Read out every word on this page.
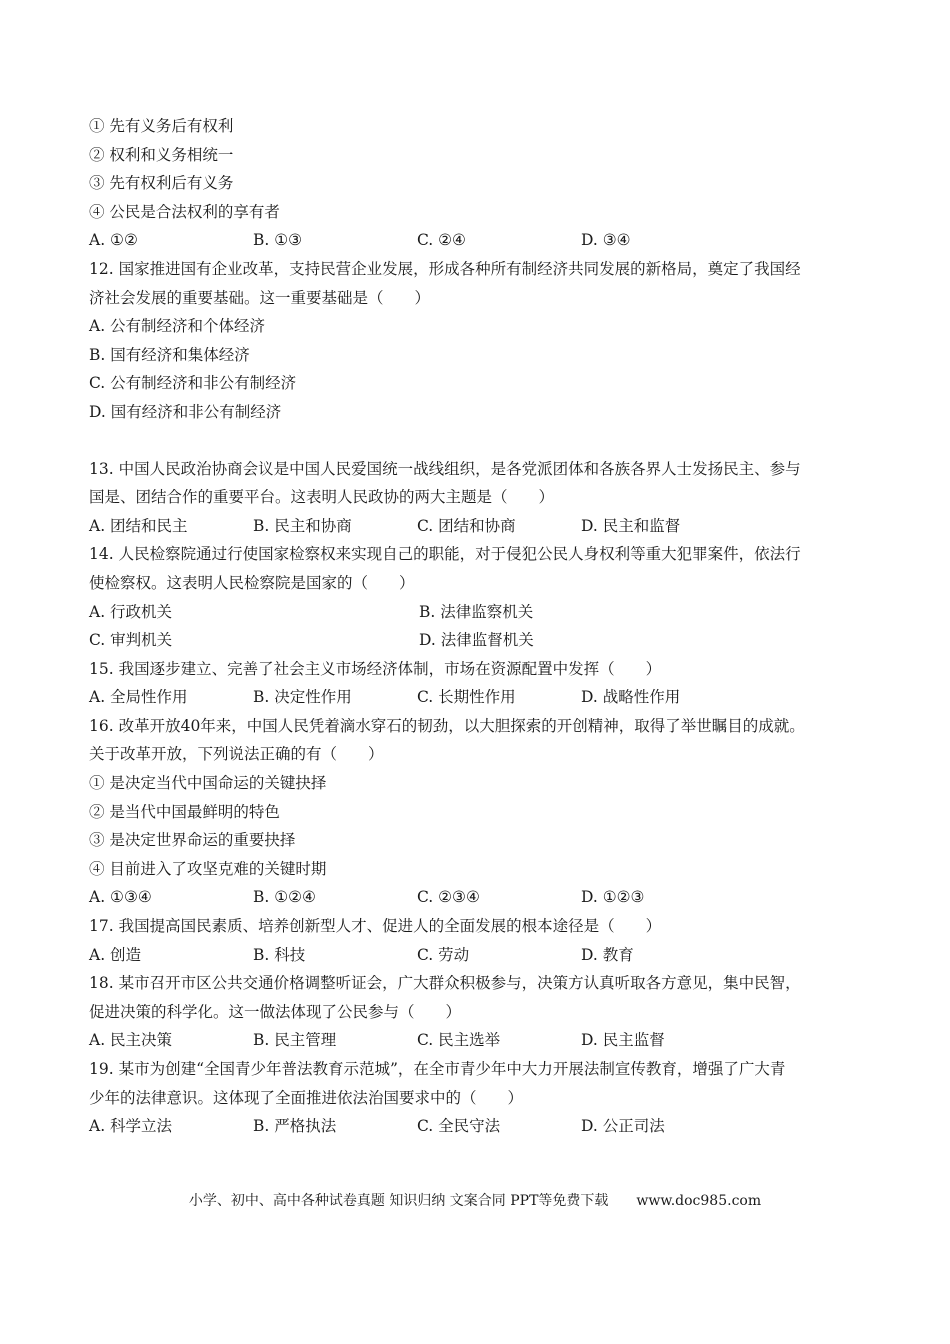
① 先有义务后有权利
② 权利和义务相统一
③ 先有权利后有义务
④ 公民是合法权利的享有者
A. ①②	B. ①③	C. ②④	D. ③④
12. 国家推进国有企业改革，支持民营企业发展，形成各种所有制经济共同发展的新格局，奠定了我国经
济社会发展的重要基础。这一重要基础是（　　）
A. 公有制经济和个体经济
B. 国有经济和集体经济
C. 公有制经济和非公有制经济
D. 国有经济和非公有制经济
13. 中国人民政治协商会议是中国人民爱国统一战线组织，是各党派团体和各族各界人士发扬民主、参与
国是、团结合作的重要平台。这表明人民政协的两大主题是（　　）
A. 团结和民主	B. 民主和协商	C. 团结和协商	D. 民主和监督
14. 人民检察院通过行使国家检察权来实现自己的职能，对于侵犯公民人身权利等重大犯罪案件，依法行
使检察权。这表明人民检察院是国家的（　　）
A. 行政机关	B. 法律监察机关
C. 审判机关	D. 法律监督机关
15. 我国逐步建立、完善了社会主义市场经济体制，市场在资源配置中发挥（　　）
A. 全局性作用	B. 决定性作用	C. 长期性作用	D. 战略性作用
16. 改革开放40年来，中国人民凭着滴水穿石的韧劲，以大胆探索的开创精神，取得了举世瞩目的成就。
关于改革开放，下列说法正确的有（　　）
① 是决定当代中国命运的关键抉择
② 是当代中国最鲜明的特色
③ 是决定世界命运的重要抉择
④ 目前进入了攻坚克难的关键时期
A. ①③④	B. ①②④	C. ②③④	D. ①②③
17. 我国提高国民素质、培养创新型人才、促进人的全面发展的根本途径是（　　）
A. 创造	B. 科技	C. 劳动	D. 教育
18. 某市召开市区公共交通价格调整听证会，广大群众积极参与，决策方认真听取各方意见，集中民智，
促进决策的科学化。这一做法体现了公民参与（　　）
A. 民主决策	B. 民主管理	C. 民主选举	D. 民主监督
19. 某市为创建“全国青少年普法教育示范城”，在全市青少年中大力开展法制宣传教育，增强了广大青
少年的法律意识。这体现了全面推进依法治国要求中的（　　）
A. 科学立法	B. 严格执法	C. 全民守法	D. 公正司法
小学、初中、高中各种试卷真题 知识归纳 文案合同 PPT等免费下载 www.doc985.com
